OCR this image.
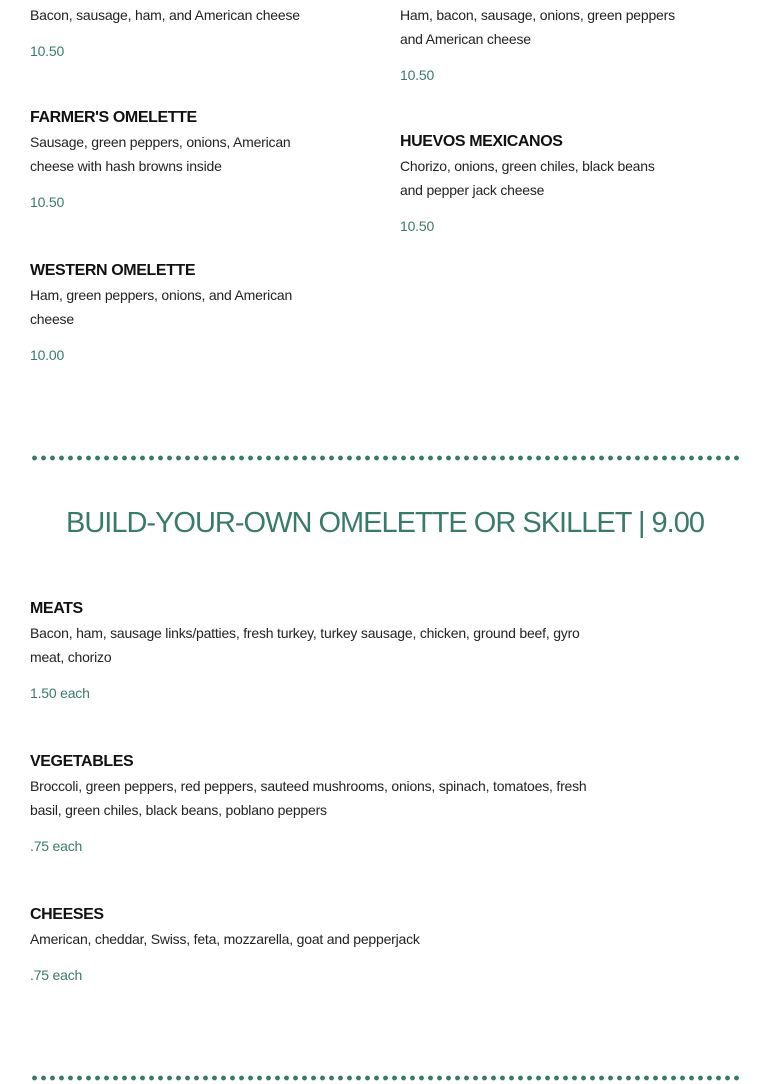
Bacon, sausage, ham, and American cheese
10.50
Ham, bacon, sausage, onions, green peppers and American cheese
10.50
FARMER'S OMELETTE
Sausage, green peppers, onions, American cheese with hash browns inside
10.50
HUEVOS MEXICANOS
Chorizo, onions, green chiles, black beans and pepper jack cheese
10.50
WESTERN OMELETTE
Ham, green peppers, onions, and American cheese
10.00
BUILD-YOUR-OWN OMELETTE OR SKILLET | 9.00
MEATS
Bacon, ham, sausage links/patties, fresh turkey, turkey sausage, chicken, ground beef, gyro meat, chorizo
1.50 each
VEGETABLES
Broccoli, green peppers, red peppers, sauteed mushrooms, onions, spinach, tomatoes, fresh basil, green chiles, black beans, poblano peppers
.75 each
CHEESES
American, cheddar, Swiss, feta, mozzarella, goat and pepperjack
.75 each
